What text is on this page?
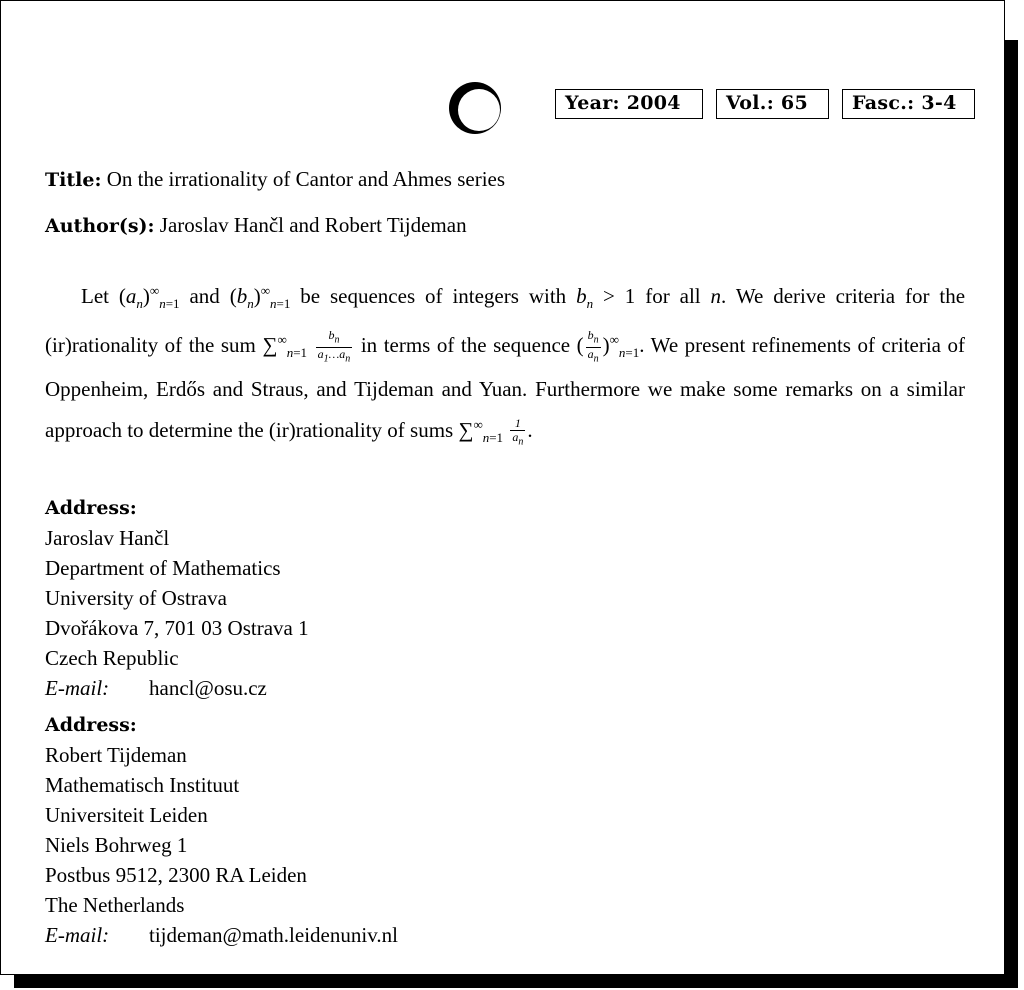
Year: 2004	Vol.: 65	Fasc.: 3-4
Title: On the irrationality of Cantor and Ahmes series
Author(s): Jaroslav Hančl and Robert Tijdeman
Let $(a_n)^\infty_{n=1}$ and $(b_n)^\infty_{n=1}$ be sequences of integers with $b_n > 1$ for all n. We derive criteria for the (ir)rationality of the sum $\sum^\infty_{n=1} \frac{b_n}{a_1\dots a_n}$ in terms of the sequence ( $\frac{b_n}{a_n} )^\infty_{n=1}$. We present refinements of criteria of Oppenheim, Erdős and Straus, and Tijdeman and Yuan. Furthermore we make some remarks on a similar approach to determine the (ir)rationality of sums $\sum^\infty_{n=1} \frac{1}{a_n}$ .
Address:
Jaroslav Hančl
Department of Mathematics
University of Ostrava
Dvořákova 7, 701 03 Ostrava 1
Czech Republic
E-mail: hancl@osu.cz
Address:
Robert Tijdeman
Mathematisch Instituut
Universiteit Leiden
Niels Bohrweg 1
Postbus 9512, 2300 RA Leiden
The Netherlands
E-mail: tijdeman@math.leidenuniv.nl
